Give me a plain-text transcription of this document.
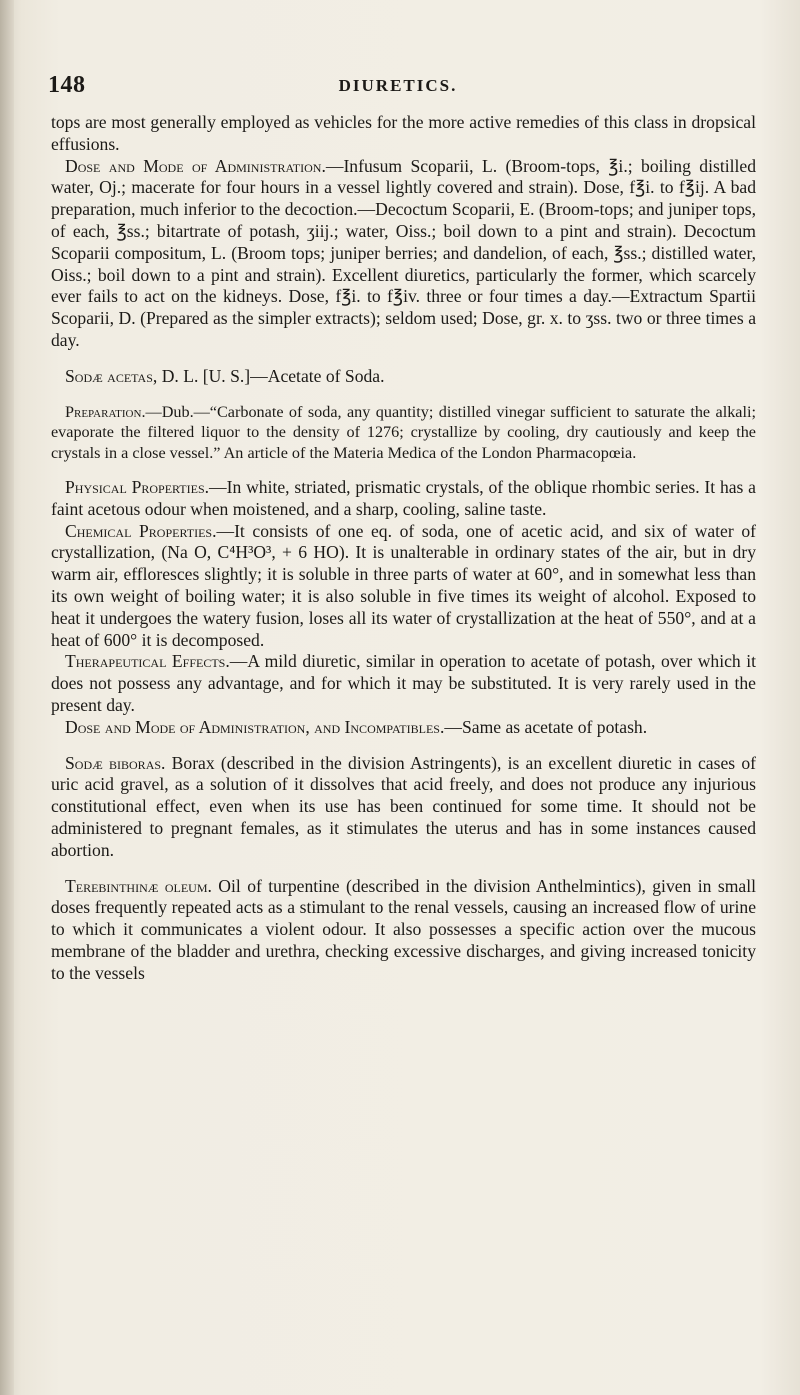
148	DIURETICS.

tops are most generally employed as vehicles for the more active remedies of this class in dropsical effusions.

Dose and Mode of Administration.—Infusum Scoparii, L. (Broom-tops, ℥i.; boiling distilled water, Oj.; macerate for four hours in a vessel lightly covered and strain). Dose, f℥i. to f℥ij. A bad preparation, much inferior to the decoction.—Decoctum Scoparii, E. (Broom-tops; and juniper tops, of each, ℥ss.; bitartrate of potash, ʒiij.; water, Oiss.; boil down to a pint and strain). Decoctum Scoparii compositum, L. (Broom tops; juniper berries; and dandelion, of each, ℥ss.; distilled water, Oiss.; boil down to a pint and strain). Excellent diuretics, particularly the former, which scarcely ever fails to act on the kidneys. Dose, f℥i. to f℥iv. three or four times a day.—Extractum Spartii Scoparii, D. (Prepared as the simpler extracts); seldom used; Dose, gr. x. to ʒss. two or three times a day.

Sodæ acetas, D. L. [U. S.]—Acetate of Soda.

Preparation.—Dub.—“Carbonate of soda, any quantity; distilled vinegar sufficient to saturate the alkali; evaporate the filtered liquor to the density of 1276; crystallize by cooling, dry cautiously and keep the crystals in a close vessel.” An article of the Materia Medica of the London Pharmacopœia.

Physical Properties.—In white, striated, prismatic crystals, of the oblique rhombic series. It has a faint acetous odour when moistened, and a sharp, cooling, saline taste.

Chemical Properties.—It consists of one eq. of soda, one of acetic acid, and six of water of crystallization, (Na O, C⁴H³O³, + 6 HO). It is unalterable in ordinary states of the air, but in dry warm air, effloresces slightly; it is soluble in three parts of water at 60°, and in somewhat less than its own weight of boiling water; it is also soluble in five times its weight of alcohol. Exposed to heat it undergoes the watery fusion, loses all its water of crystallization at the heat of 550°, and at a heat of 600° it is decomposed.

Therapeutical Effects.—A mild diuretic, similar in operation to acetate of potash, over which it does not possess any advantage, and for which it may be substituted. It is very rarely used in the present day.

Dose and Mode of Administration, and Incompatibles.—Same as acetate of potash.

Sodæ biboras. Borax (described in the division Astringents), is an excellent diuretic in cases of uric acid gravel, as a solution of it dissolves that acid freely, and does not produce any injurious constitutional effect, even when its use has been continued for some time. It should not be administered to pregnant females, as it stimulates the uterus and has in some instances caused abortion.

Terebinthinæ oleum. Oil of turpentine (described in the division Anthelmintics), given in small doses frequently repeated acts as a stimulant to the renal vessels, causing an increased flow of urine to which it communicates a violent odour. It also possesses a specific action over the mucous membrane of the bladder and urethra, checking excessive discharges, and giving increased tonicity to the vessels
